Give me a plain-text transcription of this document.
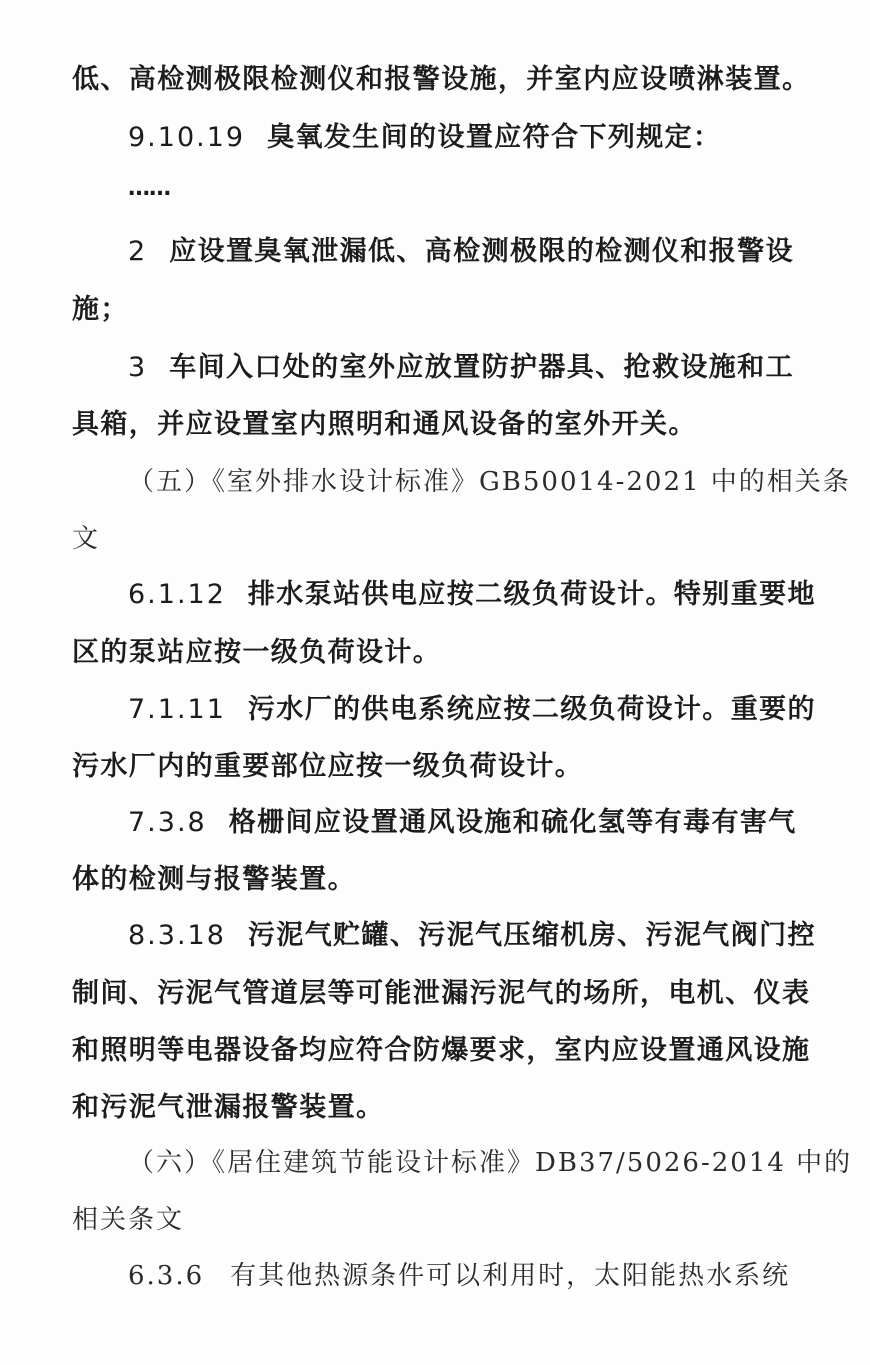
低、高检测极限检测仪和报警设施，并室内应设喷淋装置。
9.10.19 臭氧发生间的设置应符合下列规定：
……
2 应设置臭氧泄漏低、高检测极限的检测仪和报警设
施；
3 车间入口处的室外应放置防护器具、抢救设施和工
具箱，并应设置室内照明和通风设备的室外开关。
（五）《室外排水设计标准》GB50014-2021 中的相关条
文
6.1.12 排水泵站供电应按二级负荷设计。特别重要地
区的泵站应按一级负荷设计。
7.1.11 污水厂的供电系统应按二级负荷设计。重要的
污水厂内的重要部位应按一级负荷设计。
7.3.8 格栅间应设置通风设施和硫化氢等有毒有害气
体的检测与报警装置。
8.3.18 污泥气贮罐、污泥气压缩机房、污泥气阀门控
制间、污泥气管道层等可能泄漏污泥气的场所，电机、仪表
和照明等电器设备均应符合防爆要求，室内应设置通风设施
和污泥气泄漏报警装置。
（六）《居住建筑节能设计标准》DB37/5026-2014 中的
相关条文
6.3.6 有其他热源条件可以利用时，太阳能热水系统
